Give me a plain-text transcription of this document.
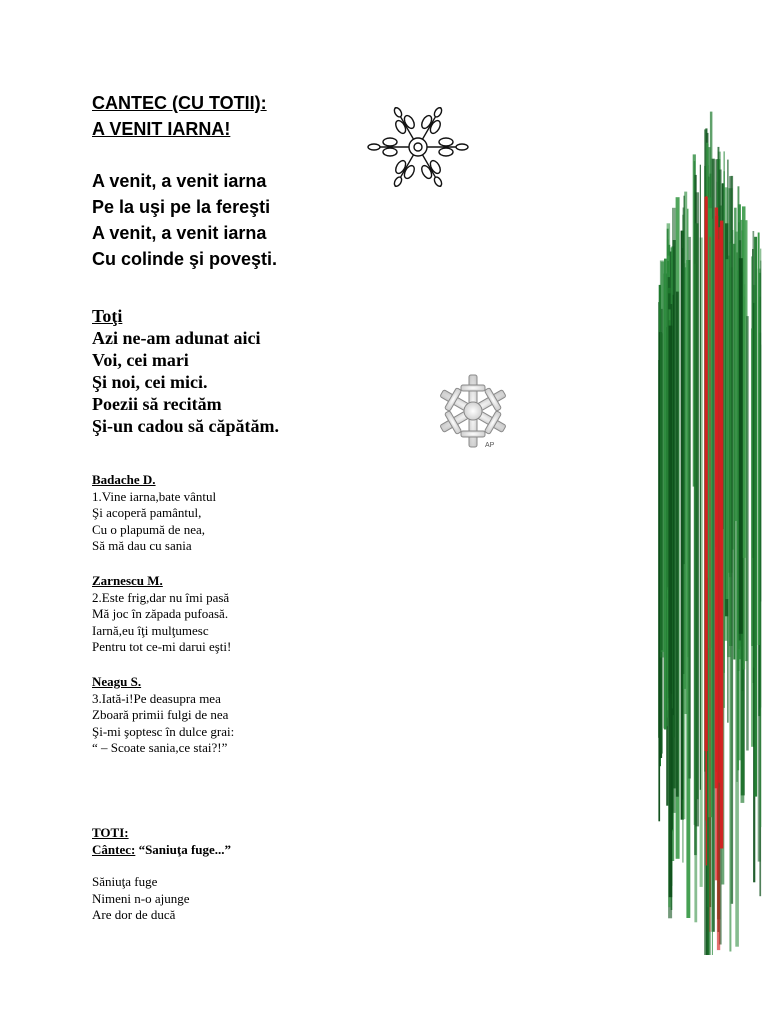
CANTEC (CU TOTII):
A VENIT IARNA!
A venit, a venit iarna
Pe la uşi pe la fereşti
A venit, a venit iarna
Cu colinde şi poveşti.
Toţi
Azi ne-am adunat aici
Voi, cei mari
Şi noi, cei mici.
Poezii să recităm
Şi-un cadou să căpătăm.
Badache D.
1.Vine iarna,bate vântul
Şi acoperă pamântul,
Cu o plapumă de nea,
Să mă dau cu sania
Zarnescu M.
2.Este frig,dar nu îmi pasă
Mă joc în zăpada pufoasă.
Iarnă,eu îţi mulţumesc
Pentru tot ce-mi darui eşti!
Neagu S.
3.Iată-i!Pe deasupra mea
Zboară primii fulgi de nea
Şi-mi şoptesc în dulce grai:
“ – Scoate sania,ce stai?!”
TOTI:
Cântec: “Saniuţa fuge...”
Săniuţa fuge
Nimeni n-o ajunge
Are dor de ducă
AP
